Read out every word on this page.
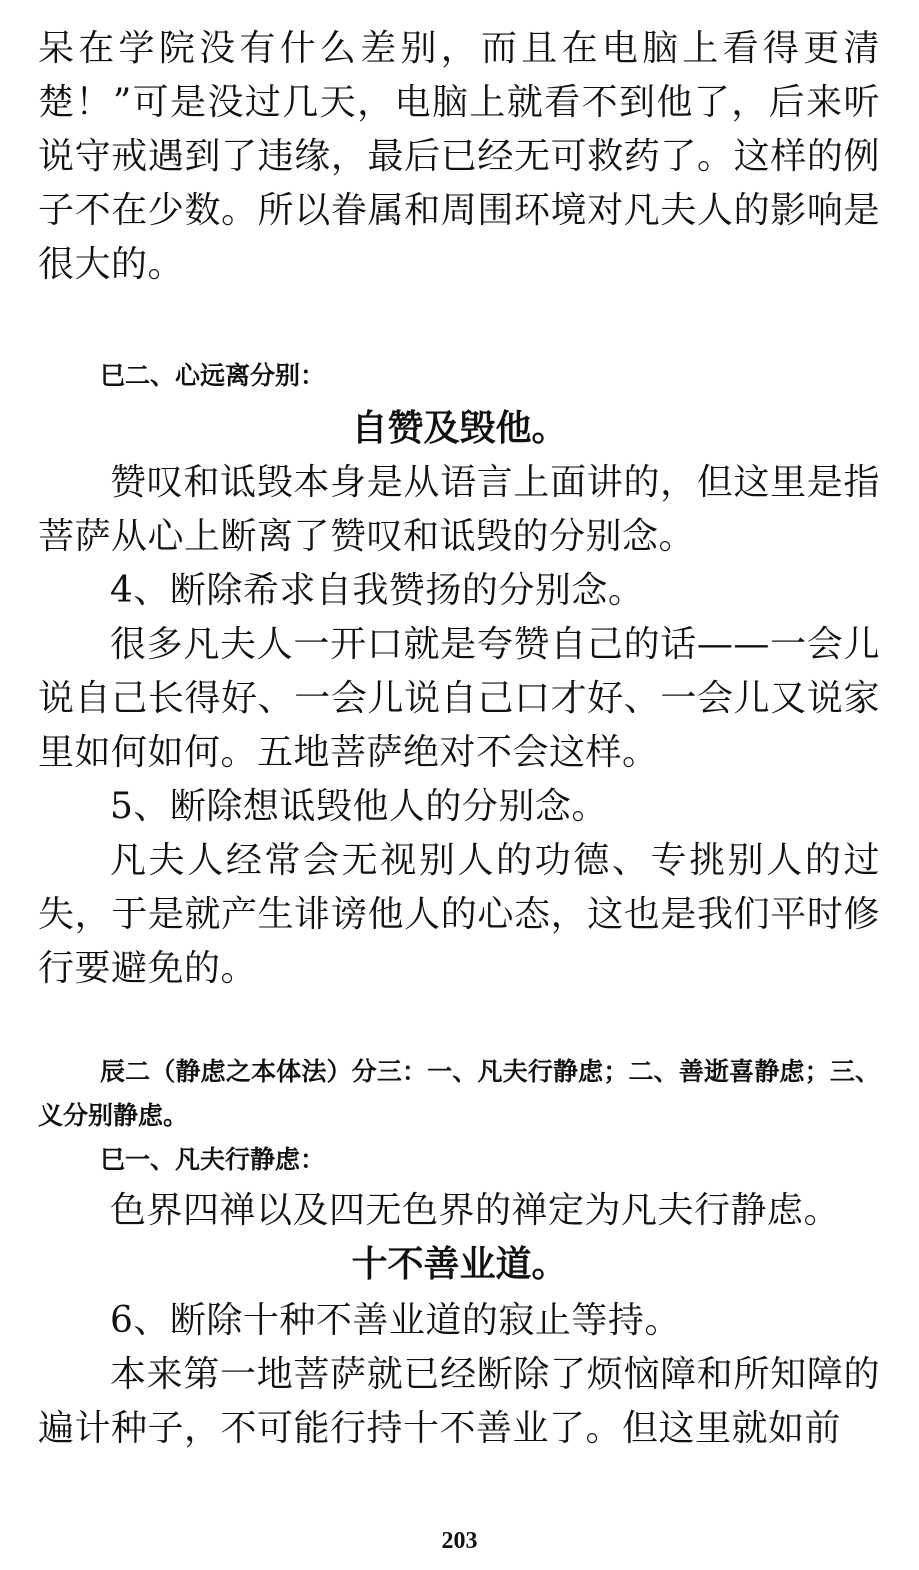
呆在学院没有什么差别，而且在电脑上看得更清楚！”可是没过几天，电脑上就看不到他了，后来听说守戒遇到了违缘，最后已经无可救药了。这样的例子不在少数。所以眷属和周围环境对凡夫人的影响是很大的。

巳二、心远离分别：

自赞及毁他。

赞叹和诋毁本身是从语言上面讲的，但这里是指菩萨从心上断离了赞叹和诋毁的分别念。

4、断除希求自我赞扬的分别念。

很多凡夫人一开口就是夸赞自己的话——一会儿说自己长得好、一会儿说自己口才好、一会儿又说家里如何如何。五地菩萨绝对不会这样。

5、断除想诋毁他人的分别念。

凡夫人经常会无视别人的功德、专挑别人的过失，于是就产生诽谤他人的心态，这也是我们平时修行要避免的。

辰二（静虑之本体法）分三：一、凡夫行静虑；二、善逝喜静虑；三、义分别静虑。

巳一、凡夫行静虑：

色界四禅以及四无色界的禅定为凡夫行静虑。

十不善业道。

6、断除十种不善业道的寂止等持。

本来第一地菩萨就已经断除了烦恼障和所知障的遍计种子，不可能行持十不善业了。但这里就如前

203
